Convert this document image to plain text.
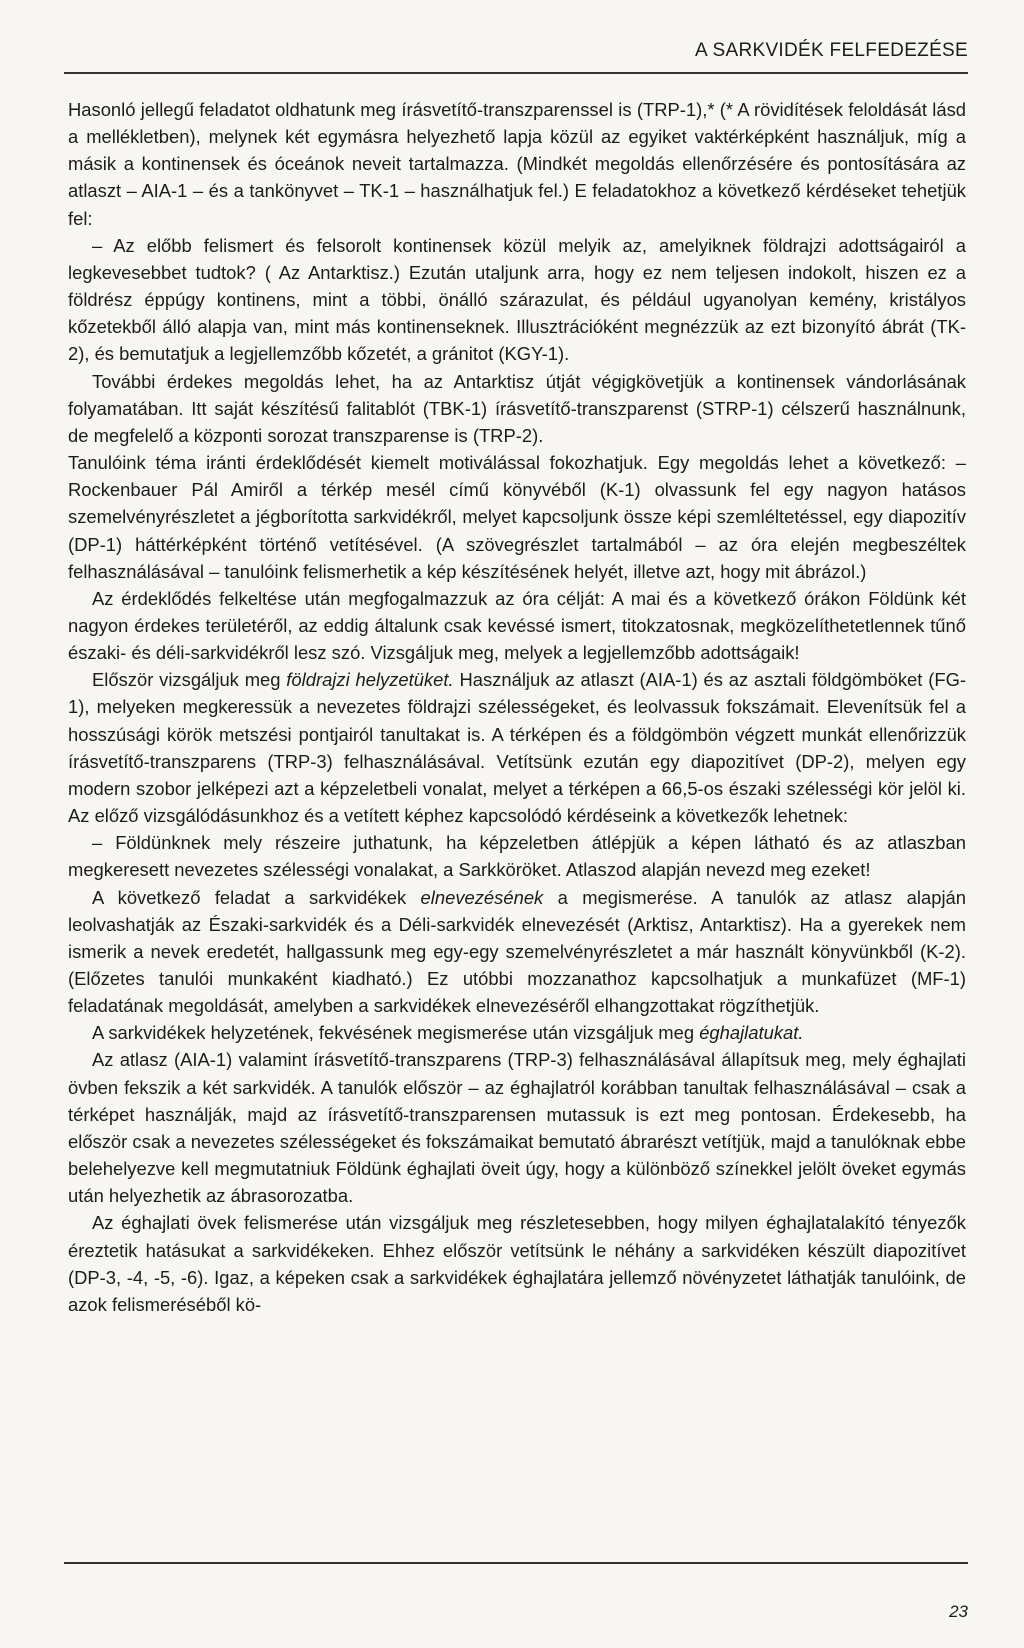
A SARKVIDÉK FELFEDEZÉSE

Hasonló jellegű feladatot oldhatunk meg írásvetítő-transzparenssel is (TRP-1),* (* A rövidítések feloldását lásd a mellékletben), melynek két egymásra helyezhető lapja közül az egyiket vaktérképként használjuk, míg a másik a kontinensek és óceánok neveit tartalmazza. (Mindkét megoldás ellenőrzésére és pontosítására az atlaszt – AIA-1 – és a tankönyvet – TK-1 – használhatjuk fel.) E feladatokhoz a következő kérdéseket tehetjük fel:

– Az előbb felismert és felsorolt kontinensek közül melyik az, amelyiknek földrajzi adottságairól a legkevesebbet tudtok? ( Az Antarktisz.) Ezután utaljunk arra, hogy ez nem teljesen indokolt, hiszen ez a földrész éppúgy kontinens, mint a többi, önálló szárazulat, és például ugyanolyan kemény, kristályos kőzetekből álló alapja van, mint más kontinenseknek. Illusztrációként megnézzük az ezt bizonyító ábrát (TK-2), és bemutatjuk a legjellemzőbb kőzetét, a gránitot (KGY-1).

További érdekes megoldás lehet, ha az Antarktisz útját végigkövetjük a kontinensek vándorlásának folyamatában. Itt saját készítésű falitablót (TBK-1) írásvetítő-transzparenst (STRP-1) célszerű használnunk, de megfelelő a központi sorozat transzparense is (TRP-2).

Tanulóink téma iránti érdeklődését kiemelt motiválással fokozhatjuk. Egy megoldás lehet a következő: – Rockenbauer Pál Amiről a térkép mesél című könyvéből (K-1) olvassunk fel egy nagyon hatásos szemelvényrészletet a jégborította sarkvidékről, melyet kapcsoljunk össze képi szemléltetéssel, egy diapozitív (DP-1) háttérképként történő vetítésével. (A szövegrészlet tartalmából – az óra elején megbeszéltek felhasználásával – tanulóink felismerhetik a kép készítésének helyét, illetve azt, hogy mit ábrázol.)

Az érdeklődés felkeltése után megfogalmazzuk az óra célját: A mai és a következő órákon Földünk két nagyon érdekes területéről, az eddig általunk csak kevéssé ismert, titokzatosnak, megközelíthetetlennek tűnő északi- és déli-sarkvidékről lesz szó. Vizsgáljuk meg, melyek a legjellemzőbb adottságaik!

Először vizsgáljuk meg földrajzi helyzetüket. Használjuk az atlaszt (AIA-1) és az asztali földgömböket (FG-1), melyeken megkeressük a nevezetes földrajzi szélességeket, és leolvassuk fokszámait. Elevenítsük fel a hosszúsági körök metszési pontjairól tanultakat is. A térképen és a földgömbön végzett munkát ellenőrizzük írásvetítő-transzparens (TRP-3) felhasználásával. Vetítsünk ezután egy diapozitívet (DP-2), melyen egy modern szobor jelképezi azt a képzeletbeli vonalat, melyet a térképen a 66,5-os északi szélességi kör jelöl ki. Az előző vizsgálódásunkhoz és a vetített képhez kapcsolódó kérdéseink a következők lehetnek:

– Földünknek mely részeire juthatunk, ha képzeletben átlépjük a képen látható és az atlaszban megkeresett nevezetes szélességi vonalakat, a Sarkköröket. Atlaszod alapján nevezd meg ezeket!

A következő feladat a sarkvidékek elnevezésének a megismerése. A tanulók az atlasz alapján leolvashatják az Északi-sarkvidék és a Déli-sarkvidék elnevezését (Arktisz, Antarktisz). Ha a gyerekek nem ismerik a nevek eredetét, hallgassunk meg egy-egy szemelvényrészletet a már használt könyvünkből (K-2). (Előzetes tanulói munkaként kiadható.) Ez utóbbi mozzanathoz kapcsolhatjuk a munkafüzet (MF-1) feladatának megoldását, amelyben a sarkvidékek elnevezéséről elhangzottakat rögzíthetjük.

A sarkvidékek helyzetének, fekvésének megismerése után vizsgáljuk meg éghajlatukat.

Az atlasz (AIA-1) valamint írásvetítő-transzparens (TRP-3) felhasználásával állapítsuk meg, mely éghajlati övben fekszik a két sarkvidék. A tanulók először – az éghajlatról korábban tanultak felhasználásával – csak a térképet használják, majd az írásvetítő-transzparensen mutassuk is ezt meg pontosan. Érdekesebb, ha először csak a nevezetes szélességeket és fokszámaikat bemutató ábrarészt vetítjük, majd a tanulóknak ebbe belehelyezve kell megmutatniuk Földünk éghajlati öveit úgy, hogy a különböző színekkel jelölt öveket egymás után helyezhetik az ábrasorozatba.

Az éghajlati övek felismerése után vizsgáljuk meg részletesebben, hogy milyen éghajlatalakító tényezők éreztetik hatásukat a sarkvidékeken. Ehhez először vetítsünk le néhány a sarkvidéken készült diapozitívet (DP-3, -4, -5, -6). Igaz, a képeken csak a sarkvidékek éghajlatára jellemző növényzetet láthatják tanulóink, de azok felismeréséből kö-

23
